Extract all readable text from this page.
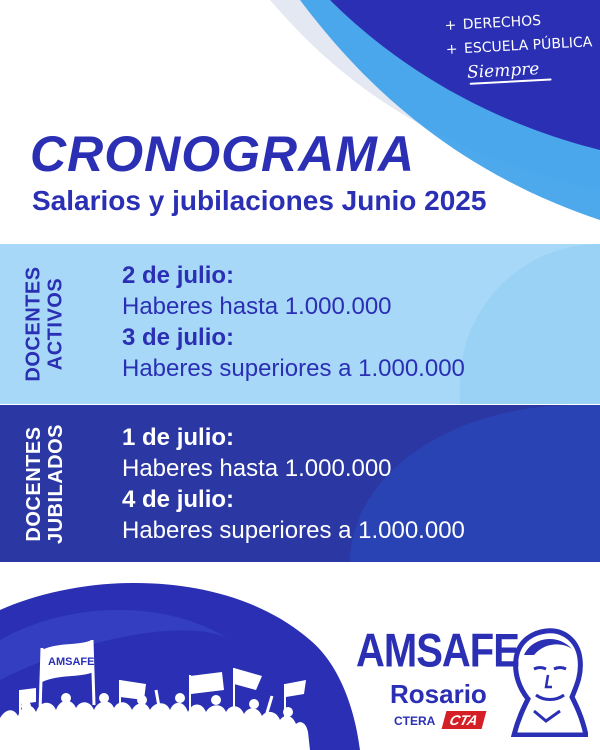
+ DERECHOS
+ ESCUELA PÚBLICA
Siempre
CRONOGRAMA
Salarios y jubilaciones Junio 2025
DOCENTES ACTIVOS
2 de julio:
Haberes hasta 1.000.000
3 de julio:
Haberes superiores a 1.000.000
DOCENTES JUBILADOS 1 de julio:
Haberes hasta 1.000.000
4 de julio:
Haberes superiores a 1.000.000
AMSAFE	AMSAFE
Rosario
CTERA CTA
